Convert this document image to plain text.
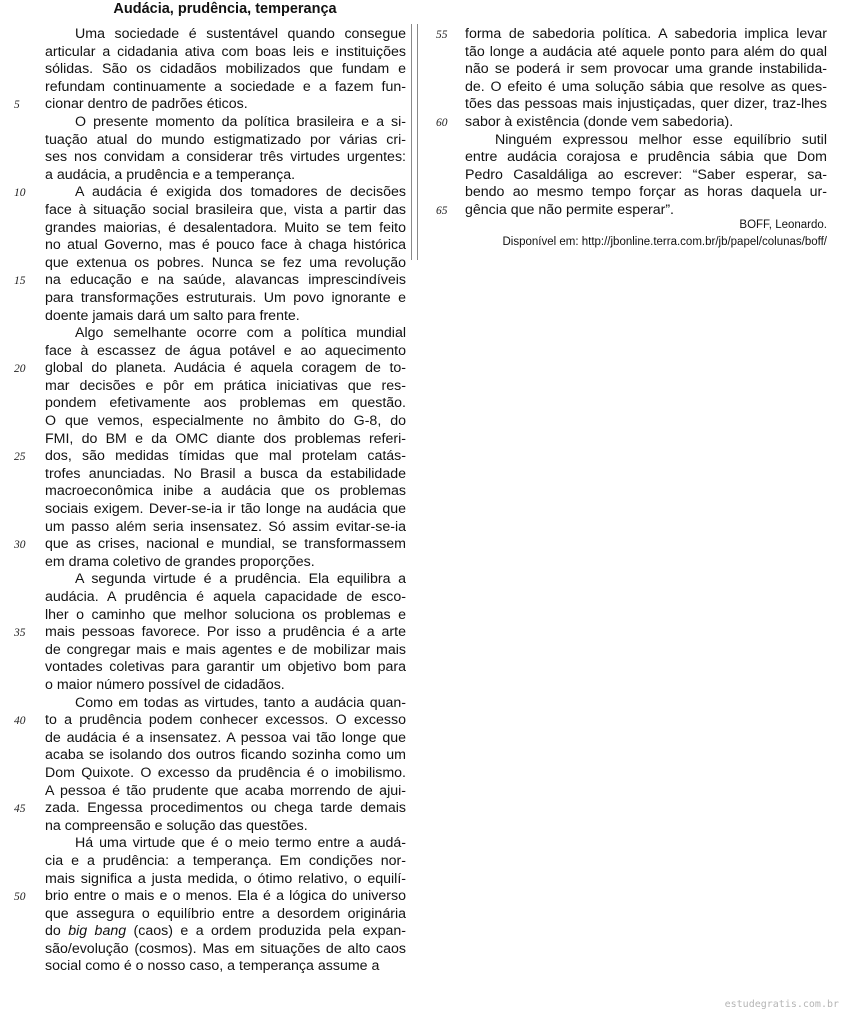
Audácia, prudência, temperança
Uma sociedade é sustentável quando consegue
articular a cidadania ativa com boas leis e instituições
sólidas. São os cidadãos mobilizados que fundam e
refundam continuamente a sociedade e a fazem fun-
cionar dentro de padrões éticos.
O presente momento da política brasileira e a si-
tuação atual do mundo estigmatizado por várias cri-
ses nos convidam a considerar três virtudes urgentes:
a audácia, a prudência e a temperança.
A audácia é exigida dos tomadores de decisões
face à situação social brasileira que, vista a partir das
grandes maiorias, é desalentadora. Muito se tem feito
no atual Governo, mas é pouco face à chaga histórica
que extenua os pobres. Nunca se fez uma revolução
na educação e na saúde, alavancas imprescindíveis
para transformações estruturais. Um povo ignorante e
doente jamais dará um salto para frente.
Algo semelhante ocorre com a política mundial
face à escassez de água potável e ao aquecimento
global do planeta. Audácia é aquela coragem de to-
mar decisões e pôr em prática iniciativas que res-
pondem efetivamente aos problemas em questão.
O que vemos, especialmente no âmbito do G-8, do
FMI, do BM e da OMC diante dos problemas referi-
dos, são medidas tímidas que mal protelam catás-
trofes anunciadas. No Brasil a busca da estabilidade
macroeconômica inibe a audácia que os problemas
sociais exigem. Dever-se-ia ir tão longe na audácia que
um passo além seria insensatez. Só assim evitar-se-ia
que as crises, nacional e mundial, se transformassem
em drama coletivo de grandes proporções.
A segunda virtude é a prudência. Ela equilibra a
audácia. A prudência é aquela capacidade de esco-
lher o caminho que melhor soluciona os problemas e
mais pessoas favorece. Por isso a prudência é a arte
de congregar mais e mais agentes e de mobilizar mais
vontades coletivas para garantir um objetivo bom para
o maior número possível de cidadãos.
Como em todas as virtudes, tanto a audácia quan-
to a prudência podem conhecer excessos. O excesso
de audácia é a insensatez. A pessoa vai tão longe que
acaba se isolando dos outros ficando sozinha como um
Dom Quixote. O excesso da prudência é o imobilismo.
A pessoa é tão prudente que acaba morrendo de ajui-
zada. Engessa procedimentos ou chega tarde demais
na compreensão e solução das questões.
Há uma virtude que é o meio termo entre a audá-
cia e a prudência: a temperança. Em condições nor-
mais significa a justa medida, o ótimo relativo, o equilí-
brio entre o mais e o menos. Ela é a lógica do universo
que assegura o equilíbrio entre a desordem originária
do big bang (caos) e a ordem produzida pela expan-
são/evolução (cosmos). Mas em situações de alto caos
social como é o nosso caso, a temperança assume a
forma de sabedoria política. A sabedoria implica levar
tão longe a audácia até aquele ponto para além do qual
não se poderá ir sem provocar uma grande instabilida-
de. O efeito é uma solução sábia que resolve as ques-
tões das pessoas mais injustiçadas, quer dizer, traz-lhes
sabor à existência (donde vem sabedoria).
Ninguém expressou melhor esse equilíbrio sutil
entre audácia corajosa e prudência sábia que Dom
Pedro Casaldáliga ao escrever: “Saber esperar, sa-
bendo ao mesmo tempo forçar as horas daquela ur-
gência que não permite esperar”.
BOFF, Leonardo.
Disponível em: http://jbonline.terra.com.br/jb/papel/colunas/boff/
estudegratis.com.br
5
10
15
20
25
30
35
40
45
50
55
60
65
